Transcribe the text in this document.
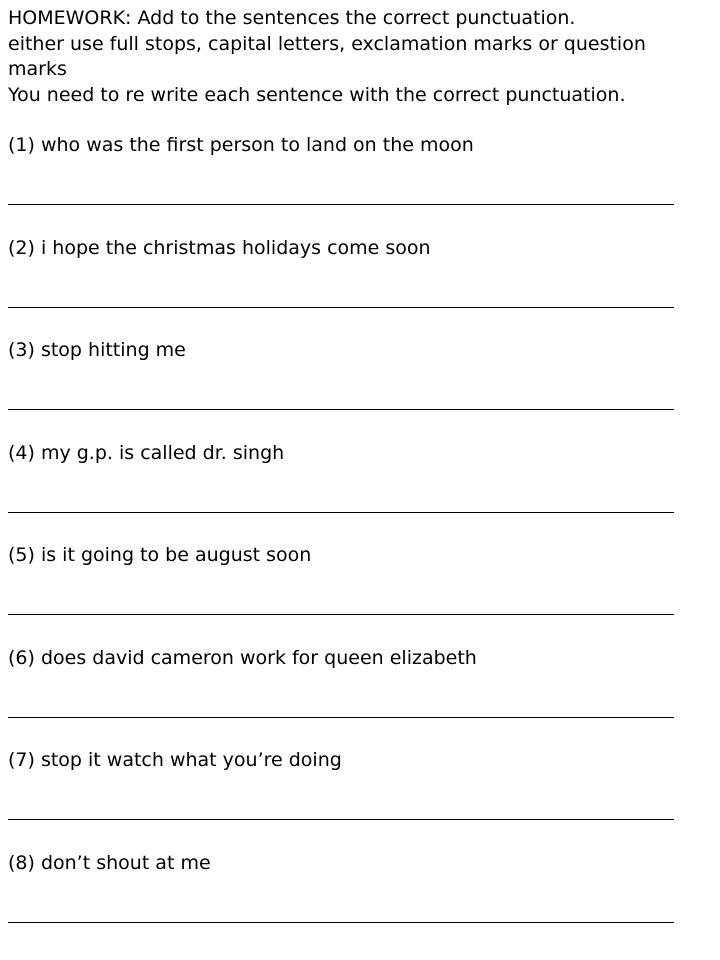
HOMEWORK: Add to the sentences the correct punctuation.

either use full stops, capital letters, exclamation marks or question marks

You need to re write each sentence with the correct punctuation.

(1) who was the first person to land on the moon

(2) i hope the christmas holidays come soon

(3) stop hitting me

(4) my g.p. is called dr. singh

(5) is it going to be august soon

(6) does david cameron work for queen elizabeth

(7) stop it watch what you’re doing

(8) don’t shout at me
